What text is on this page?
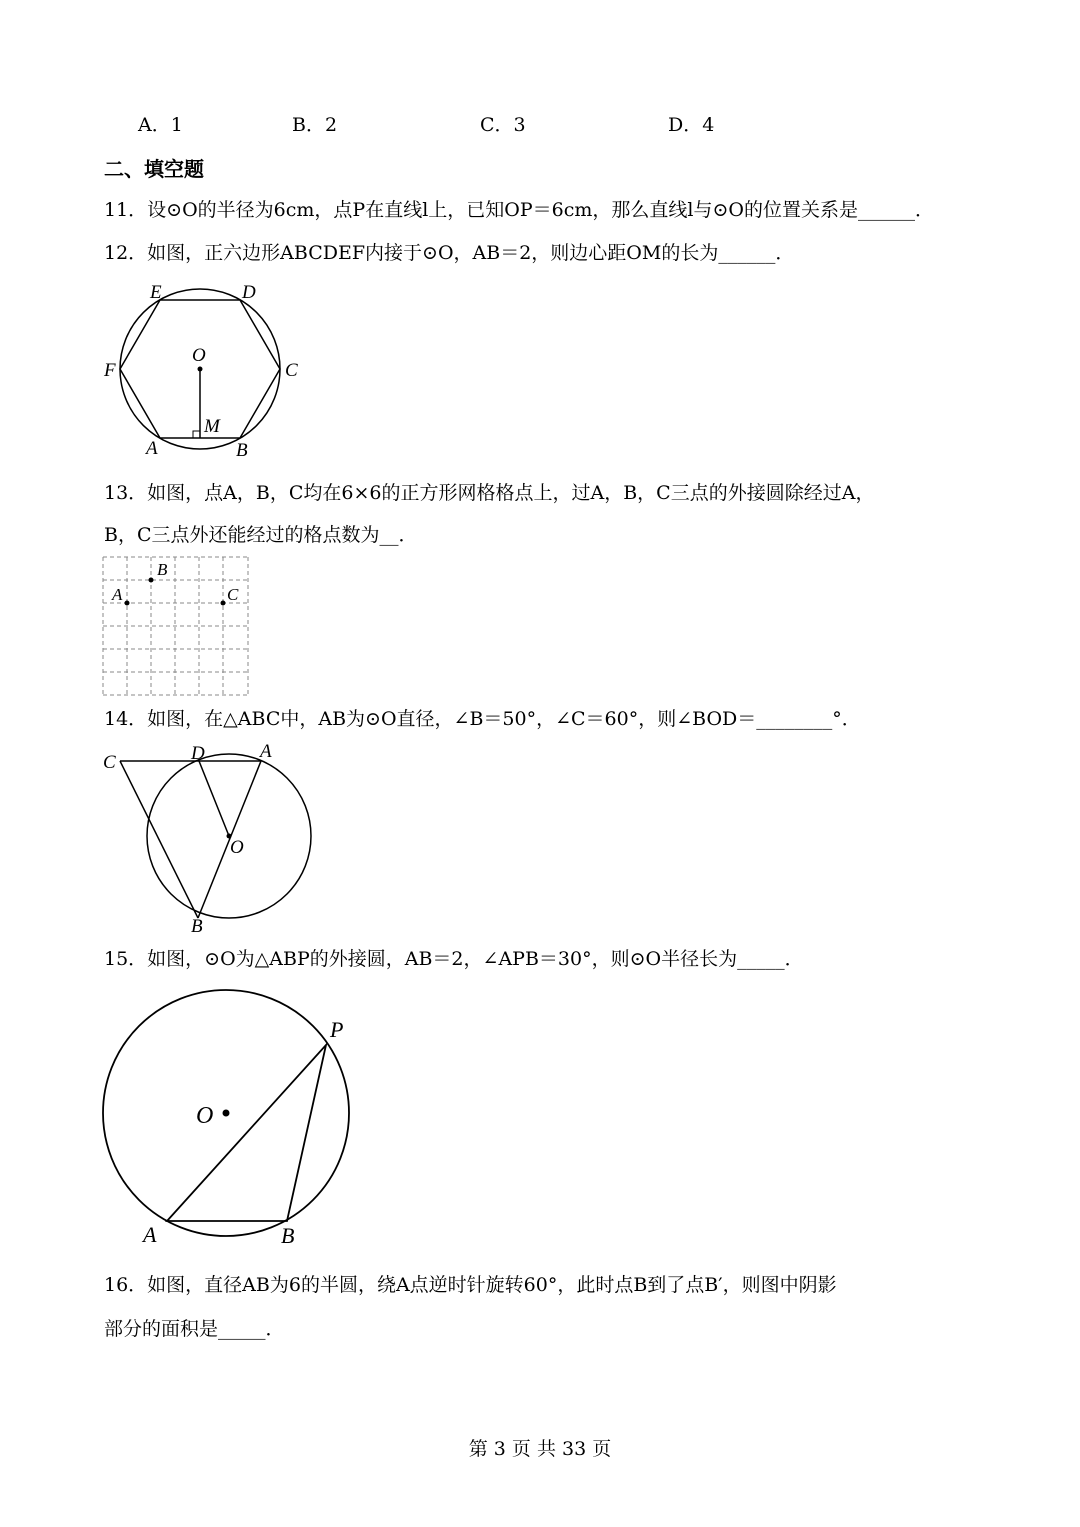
A．1	B．2	C．3	D．4
二、填空题
11．设⊙O的半径为6cm，点P在直线l上，已知OP＝6cm，那么直线l与⊙O的位置关系是______．
12．如图，正六边形ABCDEF内接于⊙O，AB＝2，则边心距OM的长为______．
E	D
F	C
O
M
A	B
13．如图，点A，B，C均在6×6的正方形网格格点上，过A，B，C三点的外接圆除经过A，
B，C三点外还能经过的格点数为__．
A
B
C
14．如图，在△ABC中，AB为⊙O直径，∠B＝50°，∠C＝60°，则∠BOD＝________°．
C	D	A
O
B
15．如图，⊙O为△ABP的外接圆，AB＝2，∠APB＝30°，则⊙O半径长为_____．
P
O
A	B
16．如图，直径AB为6的半圆，绕A点逆时针旋转60°，此时点B到了点B′，则图中阴影
部分的面积是_____．
第 3 页 共 33 页
